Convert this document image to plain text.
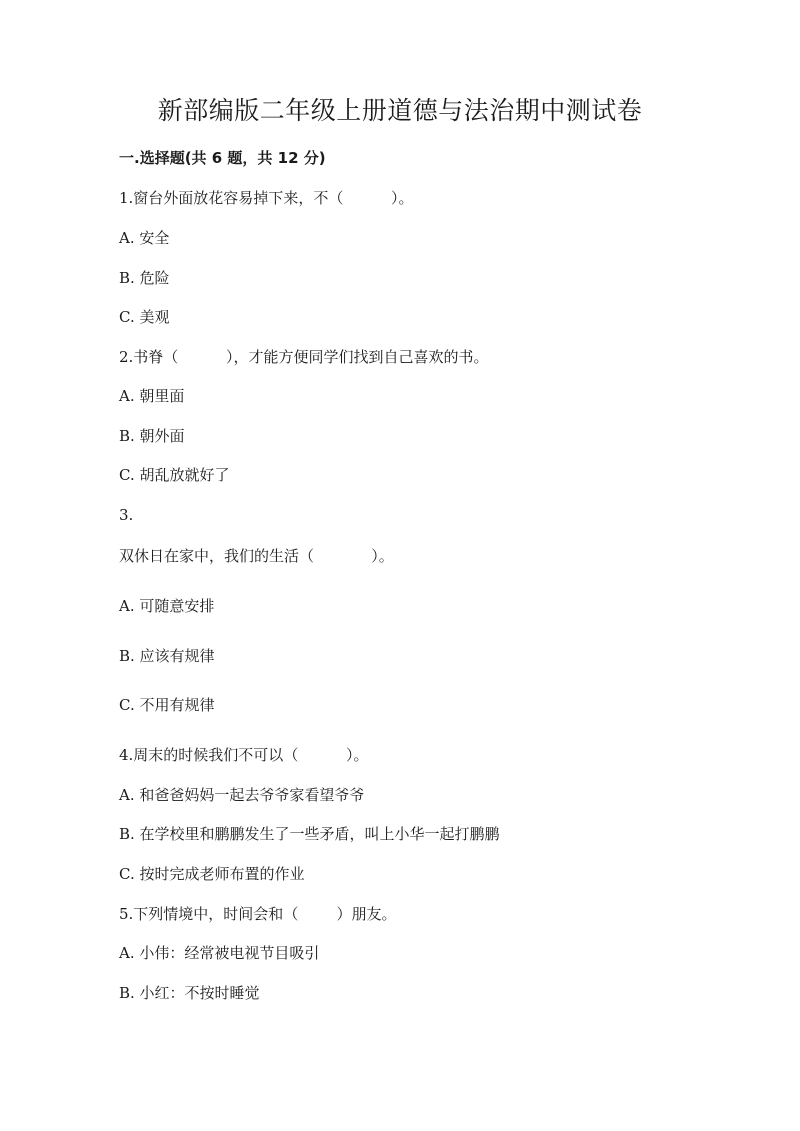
新部编版二年级上册道德与法治期中测试卷
一.选择题(共 6 题，共 12 分)
1.窗台外面放花容易掉下来，不（          ）。
A. 安全
B. 危险
C. 美观
2.书脊（          ），才能方便同学们找到自己喜欢的书。
A. 朝里面
B. 朝外面
C. 胡乱放就好了
3.
双休日在家中，我们的生活（            ）。
A. 可随意安排
B. 应该有规律
C. 不用有规律
4.周末的时候我们不可以（          ）。
A. 和爸爸妈妈一起去爷爷家看望爷爷
B. 在学校里和鹏鹏发生了一些矛盾，叫上小华一起打鹏鹏
C. 按时完成老师布置的作业
5.下列情境中，时间会和（        ）朋友。
A. 小伟：经常被电视节目吸引
B. 小红：不按时睡觉
